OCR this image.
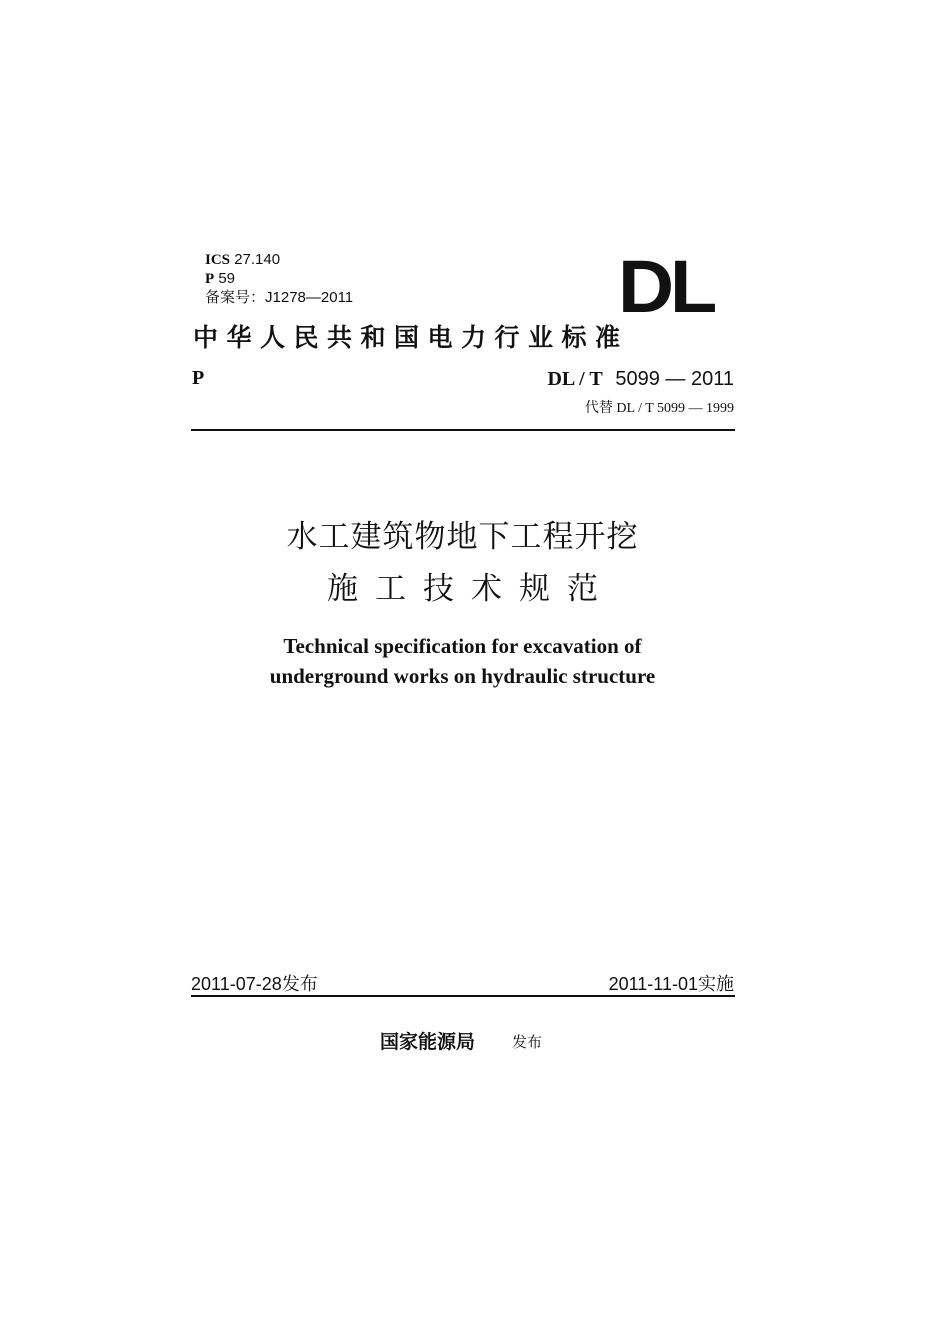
ICS 27.140
P 59
备案号：J1278—2011	DL
中华人民共和国电力行业标准
P	DL / T 5099 — 2011
代替 DL / T 5099 — 1999
水工建筑物地下工程开挖
施工技术规范
Technical specification for excavation of
underground works on hydraulic structure
2011-07-28发布	2011-11-01实施
国家能源局 发布
